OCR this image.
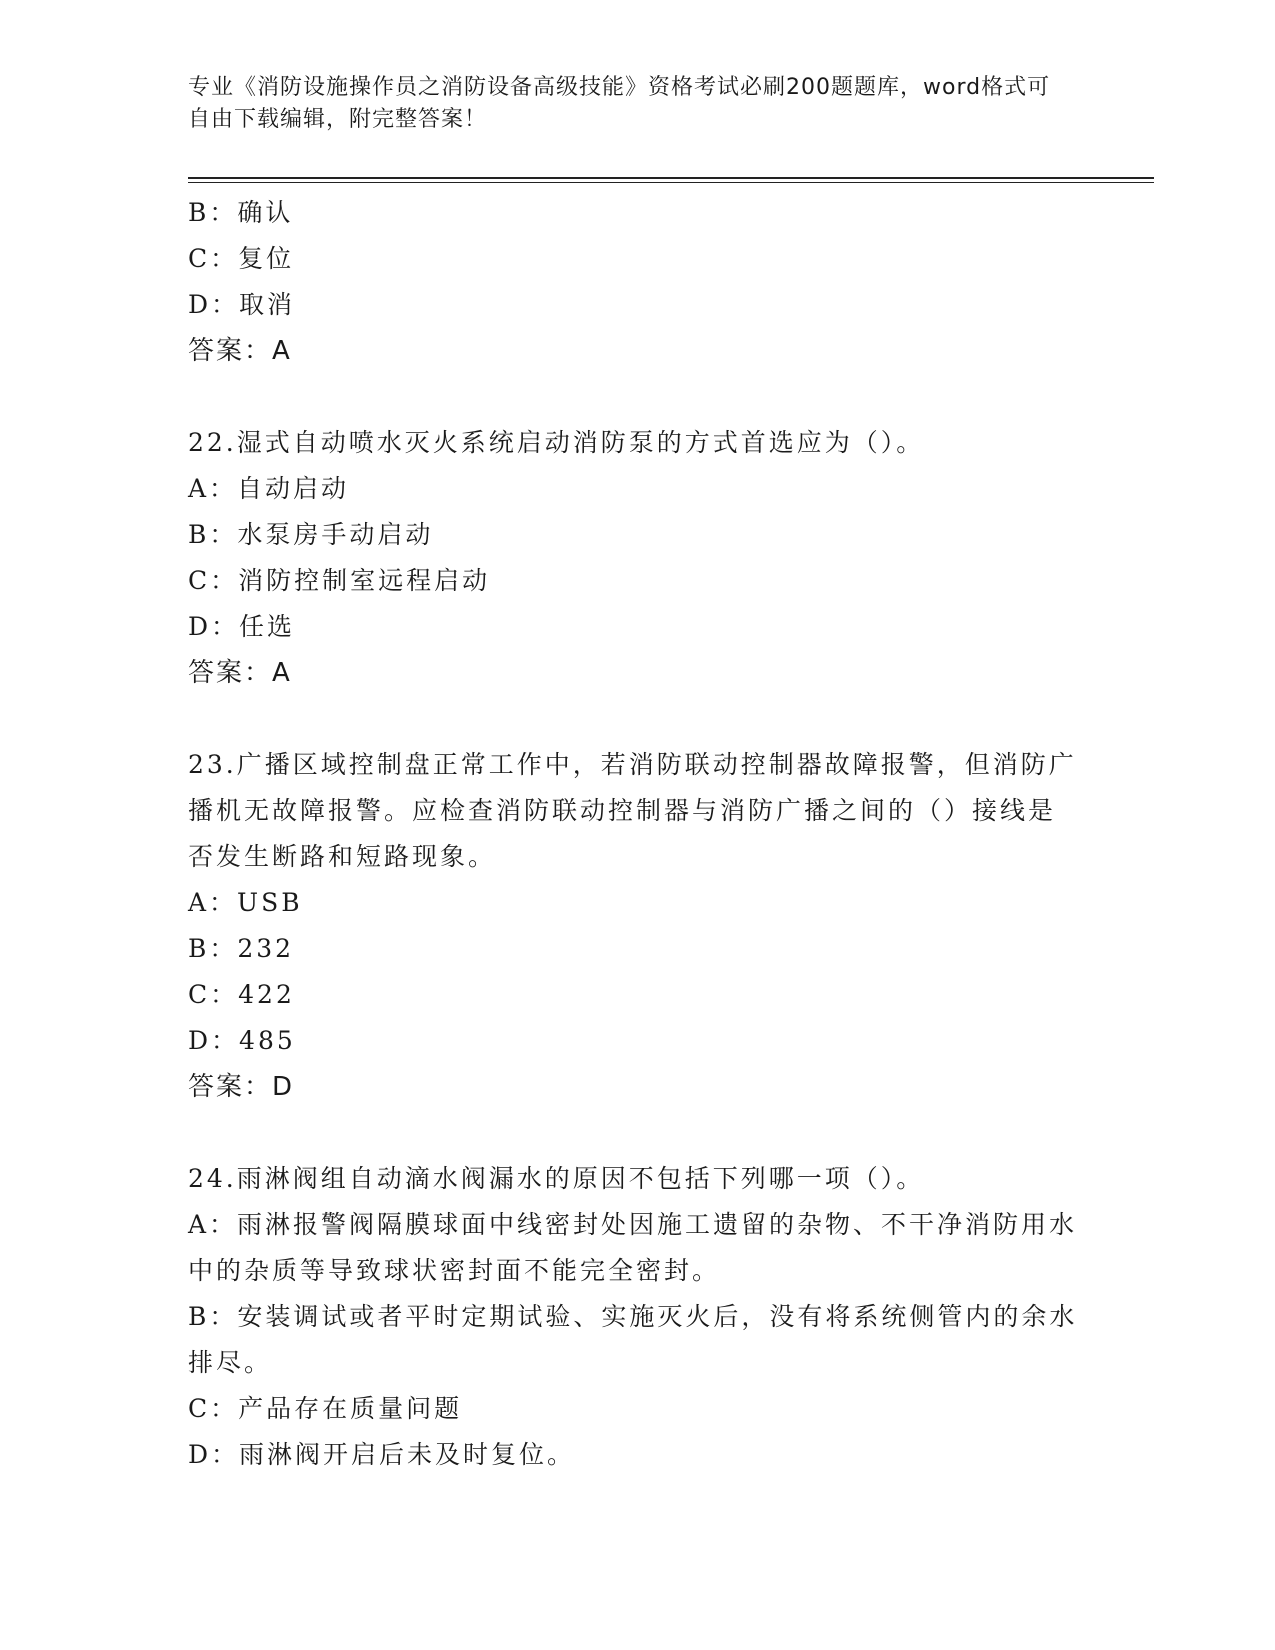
专业《消防设施操作员之消防设备高级技能》资格考试必刷200题题库，word格式可自由下载编辑，附完整答案！
B：确认
C：复位
D：取消
答案：A
22.湿式自动喷水灭火系统启动消防泵的方式首选应为（）。
A：自动启动
B：水泵房手动启动
C：消防控制室远程启动
D：任选
答案：A
23.广播区域控制盘正常工作中，若消防联动控制器故障报警，但消防广播机无故障报警。应检查消防联动控制器与消防广播之间的（）接线是否发生断路和短路现象。
A：USB
B：232
C：422
D：485
答案：D
24.雨淋阀组自动滴水阀漏水的原因不包括下列哪一项（）。
A：雨淋报警阀隔膜球面中线密封处因施工遗留的杂物、不干净消防用水中的杂质等导致球状密封面不能完全密封。
B：安装调试或者平时定期试验、实施灭火后，没有将系统侧管内的余水排尽。
C：产品存在质量问题
D：雨淋阀开启后未及时复位。
